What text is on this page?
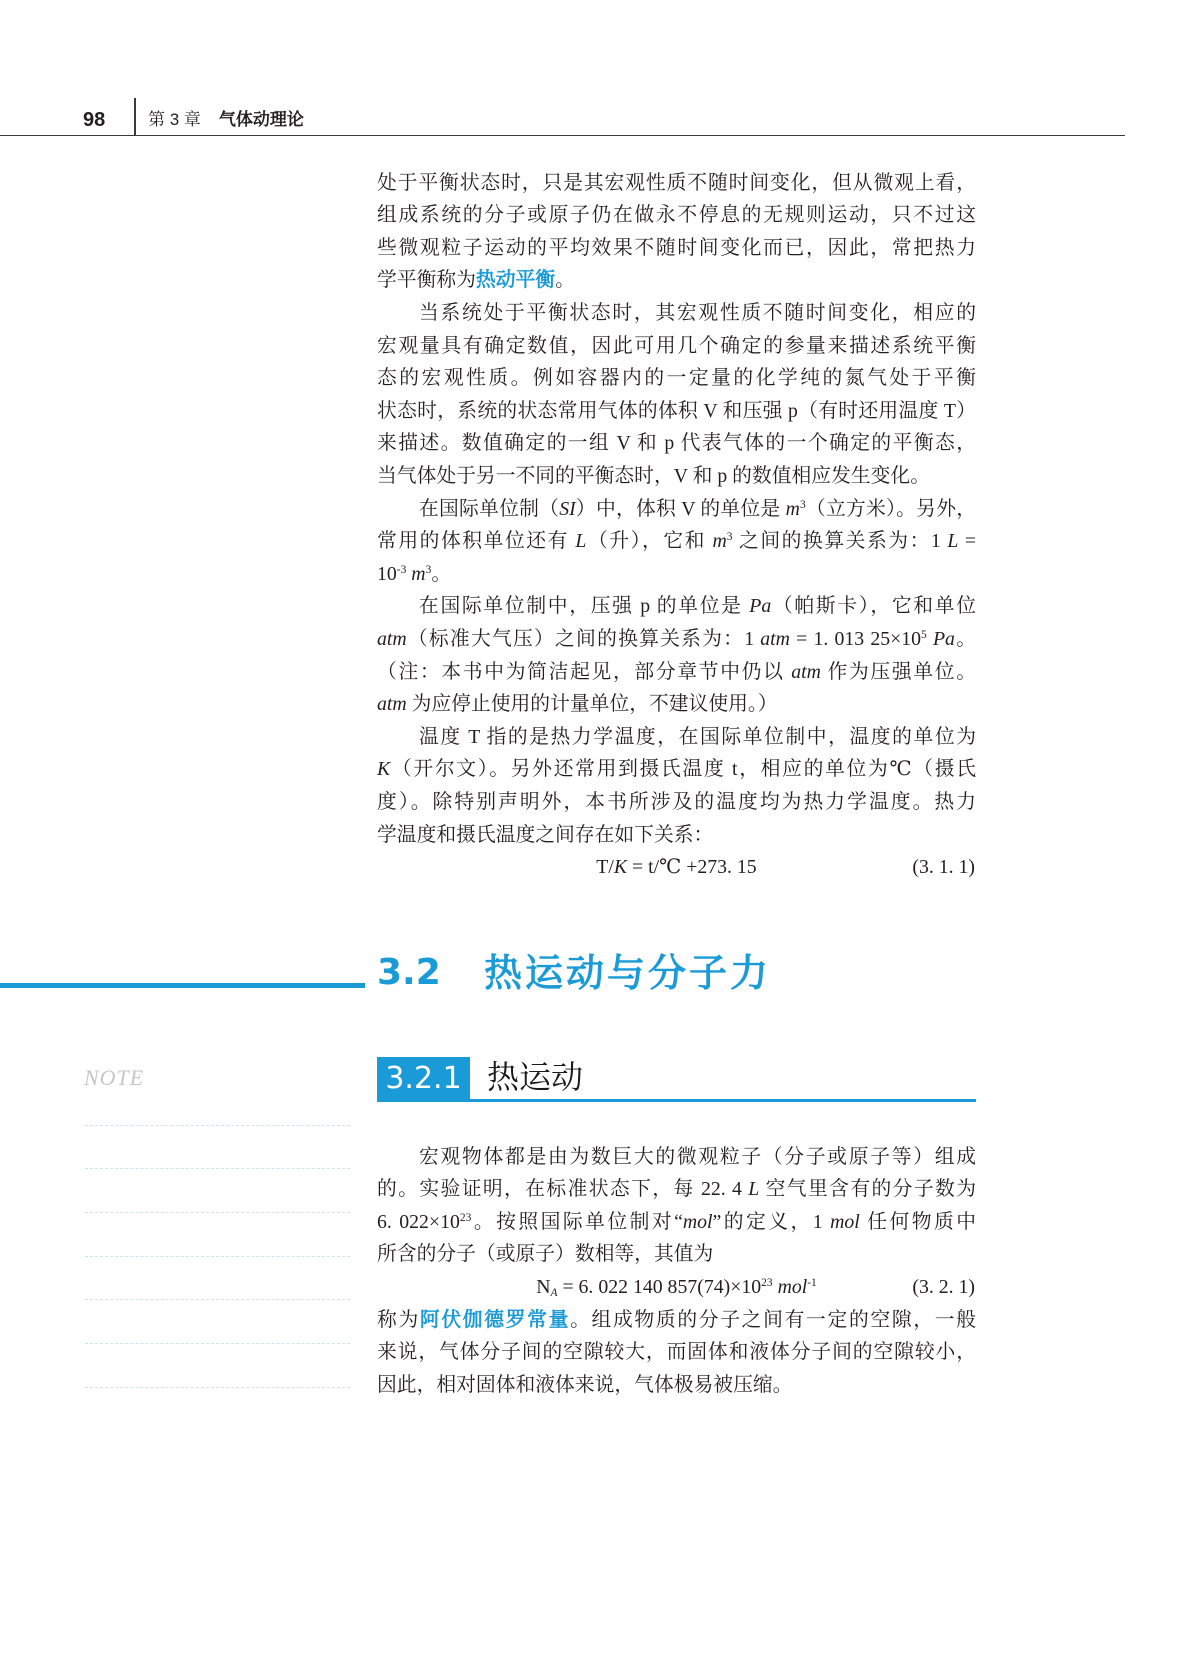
98	第 3 章 气体动理论
处于平衡状态时，只是其宏观性质不随时间变化，但从微观上看，
组成系统的分子或原子仍在做永不停息的无规则运动，只不过这
些微观粒子运动的平均效果不随时间变化而已，因此，常把热力
学平衡称为热动平衡。
当系统处于平衡状态时，其宏观性质不随时间变化，相应的
宏观量具有确定数值，因此可用几个确定的参量来描述系统平衡
态的宏观性质。例如容器内的一定量的化学纯的氮气处于平衡
状态时，系统的状态常用气体的体积 V 和压强 p（有时还用温度 T）
来描述。数值确定的一组 V 和 p 代表气体的一个确定的平衡态，
当气体处于另一不同的平衡态时，V 和 p 的数值相应发生变化。
在国际单位制（SI）中，体积 V 的单位是 $m^3$（立方米）。另外，
常用的体积单位还有 L（升），它和 $m^3$ 之间的换算关系为：1 L =
$10^{-3}$ $m^3$。
在国际单位制中，压强 p 的单位是 Pa（帕斯卡），它和单位
atm（标准大气压）之间的换算关系为：1 atm = 1. 013 $25\times 10^5$ Pa。
（注：本书中为简洁起见，部分章节中仍以 atm 作为压强单位。
atm 为应停止使用的计量单位，不建议使用。）
温度 T 指的是热力学温度，在国际单位制中，温度的单位为
K（开尔文）。另外还常用到摄氏温度 t，相应的单位为℃（摄氏
度）。除特别声明外，本书所涉及的温度均为热力学温度。热力
学温度和摄氏温度之间存在如下关系：
T/K = t/℃ +273. 15	(3. 1. 1)
3.2 热运动与分子力
3.2.1 热运动
NOTE
宏观物体都是由为数巨大的微观粒子（分子或原子等）组成
的。实验证明，在标准状态下，每 22. 4 L 空气里含有的分子数为
6. $022\times 10^{23}$。按照国际单位制对“mol”的定义，1 mol 任何物质中
所含的分子（或原子）数相等，其值为
$N_A = 6$. 022 140 $857(74)\times 10^{23}$ mol$^{-1}$	(3. 2. 1)
称为阿伏伽德罗常量。组成物质的分子之间有一定的空隙，一般
来说，气体分子间的空隙较大，而固体和液体分子间的空隙较小，
因此，相对固体和液体来说，气体极易被压缩。
